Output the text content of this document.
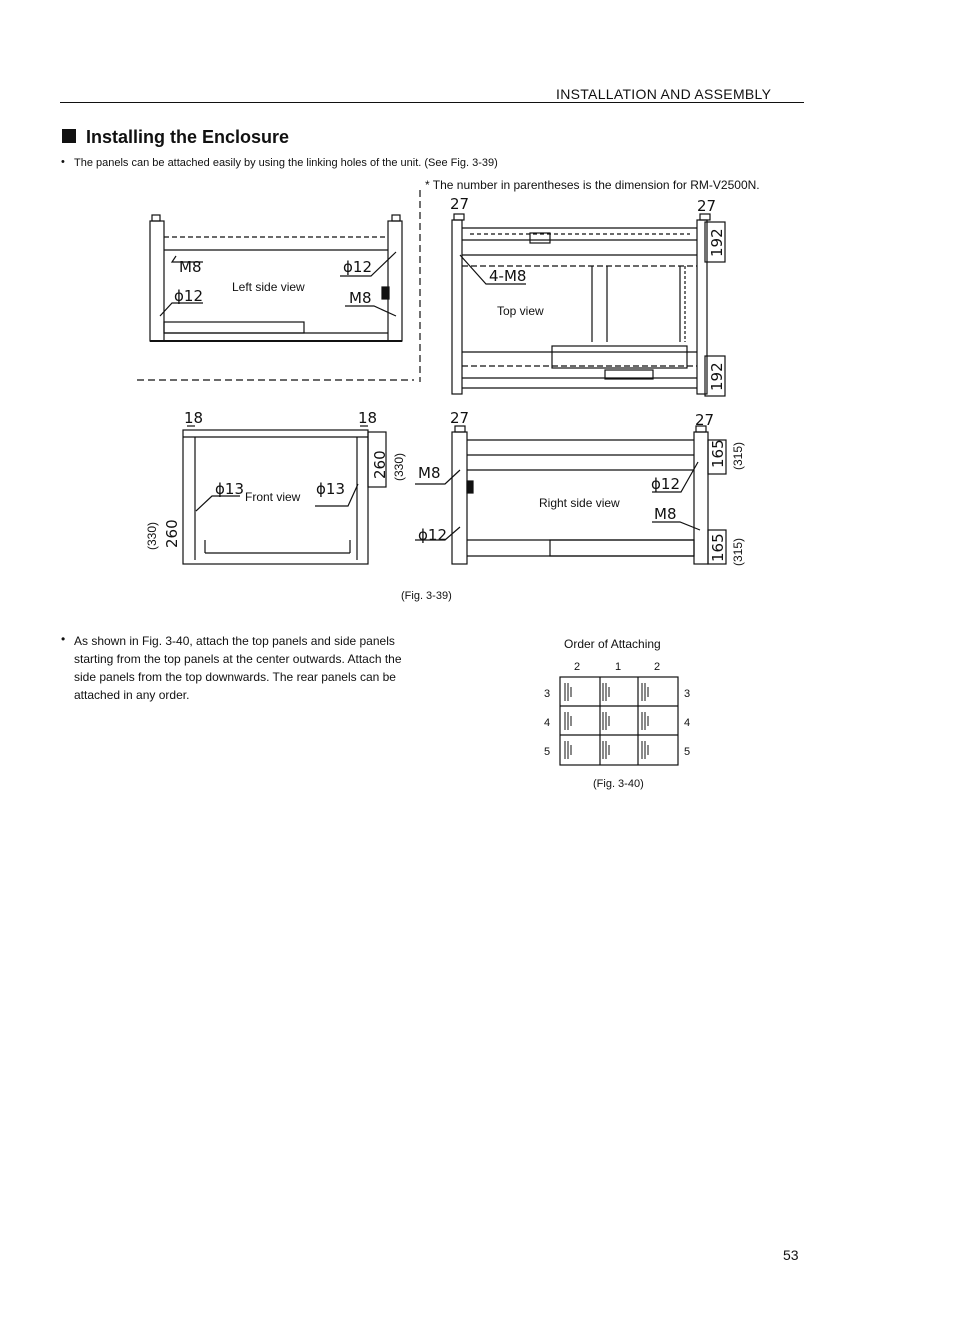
INSTALLATION AND ASSEMBLY
Installing the Enclosure
• The panels can be attached easily by using the linking holes of the unit. (See Fig. 3-39)
* The number in parentheses is the dimension for RM-V2500N.
M8
ϕ12
ϕ12
M8
Left side view
27	27
4-M8
Top view
192
192
18	18
ϕ13 Front view ϕ13
260 (330)
(330) 260
27	27
M8
ϕ12
ϕ12
M8
Right side view
165 (315)
165 (315)
(Fig. 3-39)
• As shown in Fig. 3-40, attach the top panels and side panels starting from the top panels at the center outwards. Attach the side panels from the top downwards. The rear panels can be attached in any order.
Order of Attaching
2	1	2
3
4
5
3
4
5
(Fig. 3-40)
53
